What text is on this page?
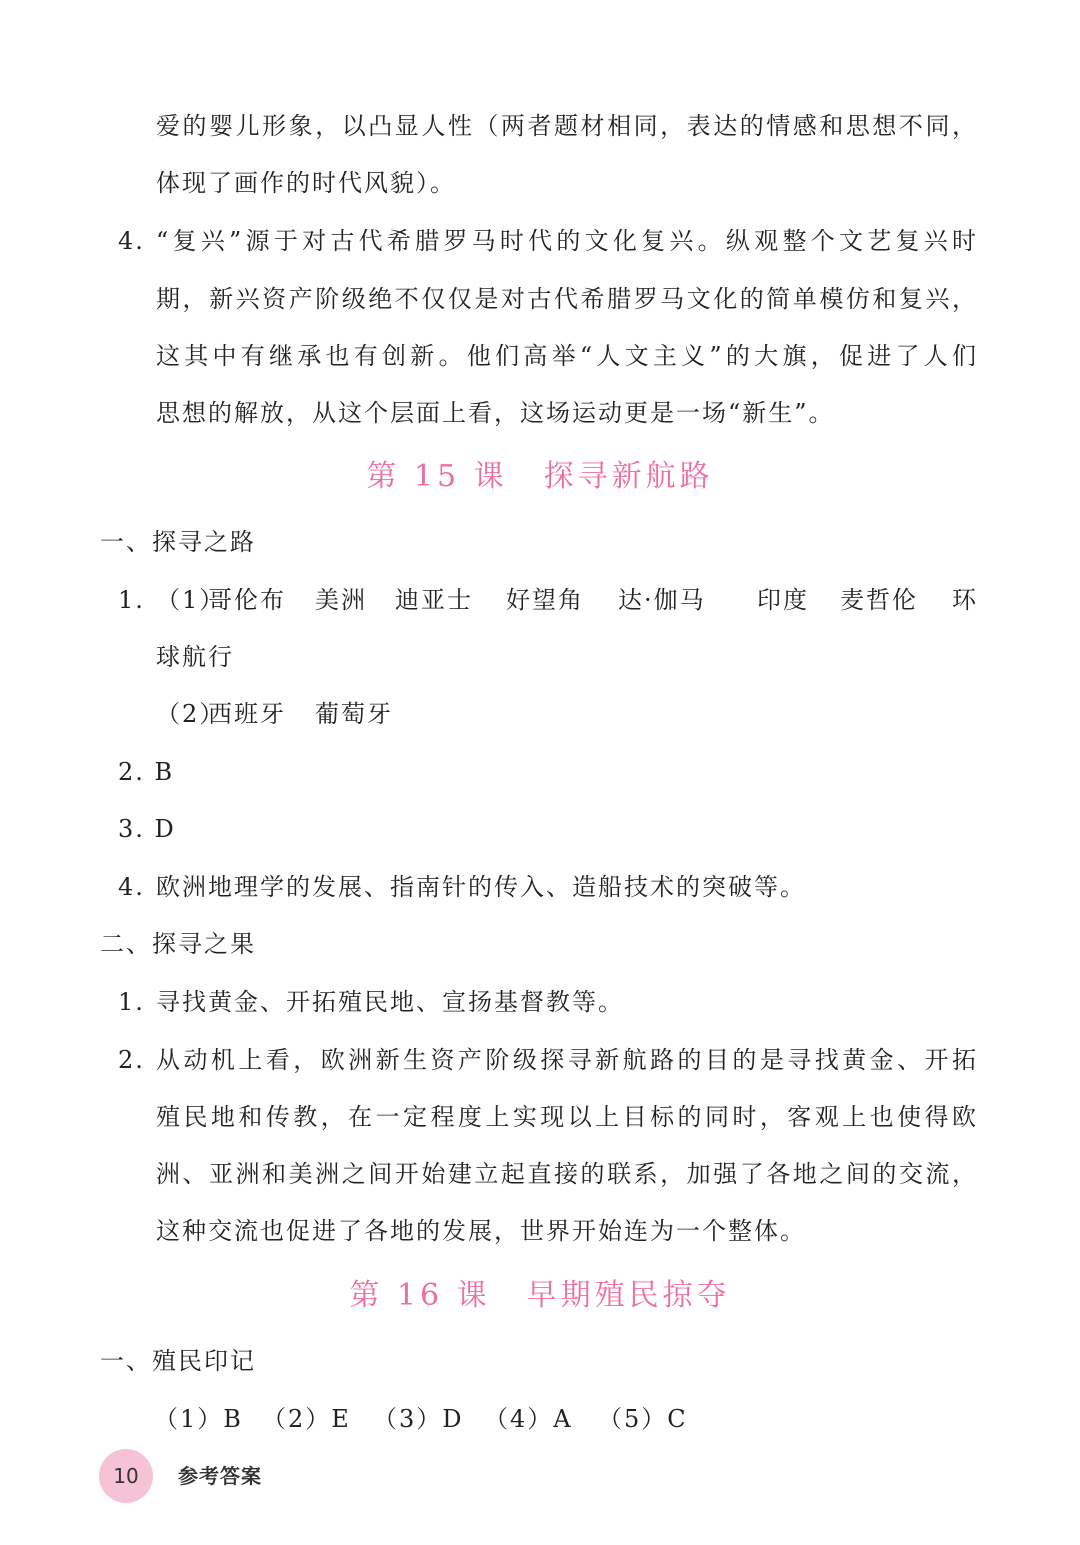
爱的婴儿形象，以凸显人性（两者题材相同，表达的情感和思想不同，
体现了画作的时代风貌）。
4. “复兴”源于对古代希腊罗马时代的文化复兴。纵观整个文艺复兴时
期，新兴资产阶级绝不仅仅是对古代希腊罗马文化的简单模仿和复兴，
这其中有继承也有创新。他们高举“人文主义”的大旗，促进了人们
思想的解放，从这个层面上看，这场运动更是一场“新生”。
第 15 课 探寻新航路
一、探寻之路
1. （1）
哥伦布 美洲 迪亚士 好望角 达·伽马 印度 麦哲伦 环
球航行
（2）
西班牙 葡萄牙
2. B
3. D
4. 欧洲地理学的发展、指南针的传入、造船技术的突破等。
二、探寻之果
1. 寻找黄金、开拓殖民地、宣扬基督教等。
2. 从动机上看，欧洲新生资产阶级探寻新航路的目的是寻找黄金、开拓
殖民地和传教，在一定程度上实现以上目标的同时，客观上也使得欧
洲、亚洲和美洲之间开始建立起直接的联系，加强了各地之间的交流，
这种交流也促进了各地的发展，世界开始连为一个整体。
第 16 课 早期殖民掠夺
一、殖民印记
（1）B （2）E （3）D （4）A （5）C
10 参考答案
